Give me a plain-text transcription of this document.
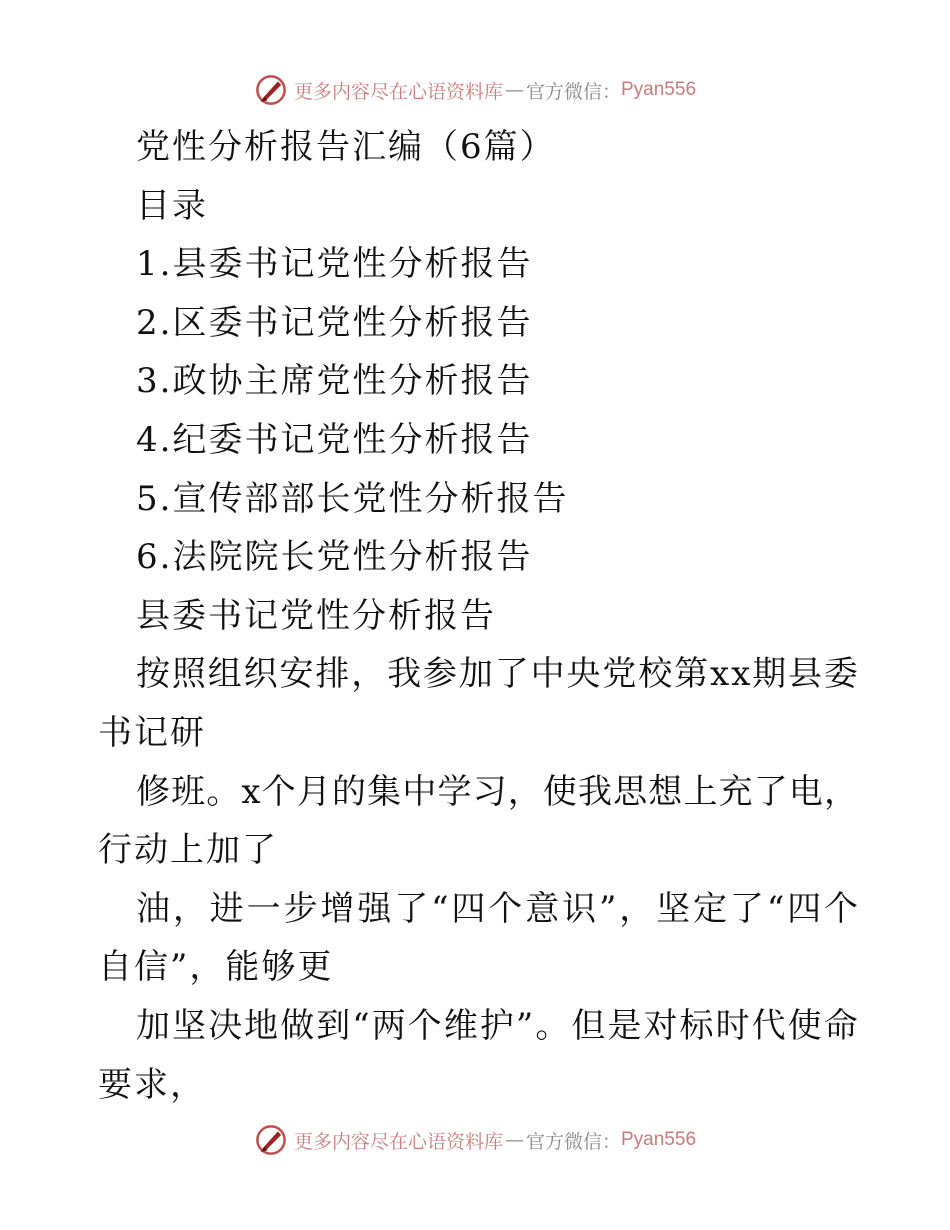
更多内容尽在心语资料库 — 官方微信： Pyan556
党性分析报告汇编（6篇）
目录
1.县委书记党性分析报告
2.区委书记党性分析报告
3.政协主席党性分析报告
4.纪委书记党性分析报告
5.宣传部部长党性分析报告
6.法院院长党性分析报告
县委书记党性分析报告
按 照 组 织 安 排 ， 我 参 加 了 中 央 党 校 第 x x 期 县 委
书记研
修 班 。 x 个 月 的 集 中 学 习 ， 使 我 思 想 上 充 了 电 ，
行动上加了
油 ， 进 一 步 增 强 了 “ 四 个 意 识 ” ， 坚 定 了 “ 四 个
自信”，能够更
加 坚 决 地 做 到 “ 两 个 维 护 ” 。 但 是 对 标 时 代 使 命
要求，
更多内容尽在心语资料库 — 官方微信： Pyan556
